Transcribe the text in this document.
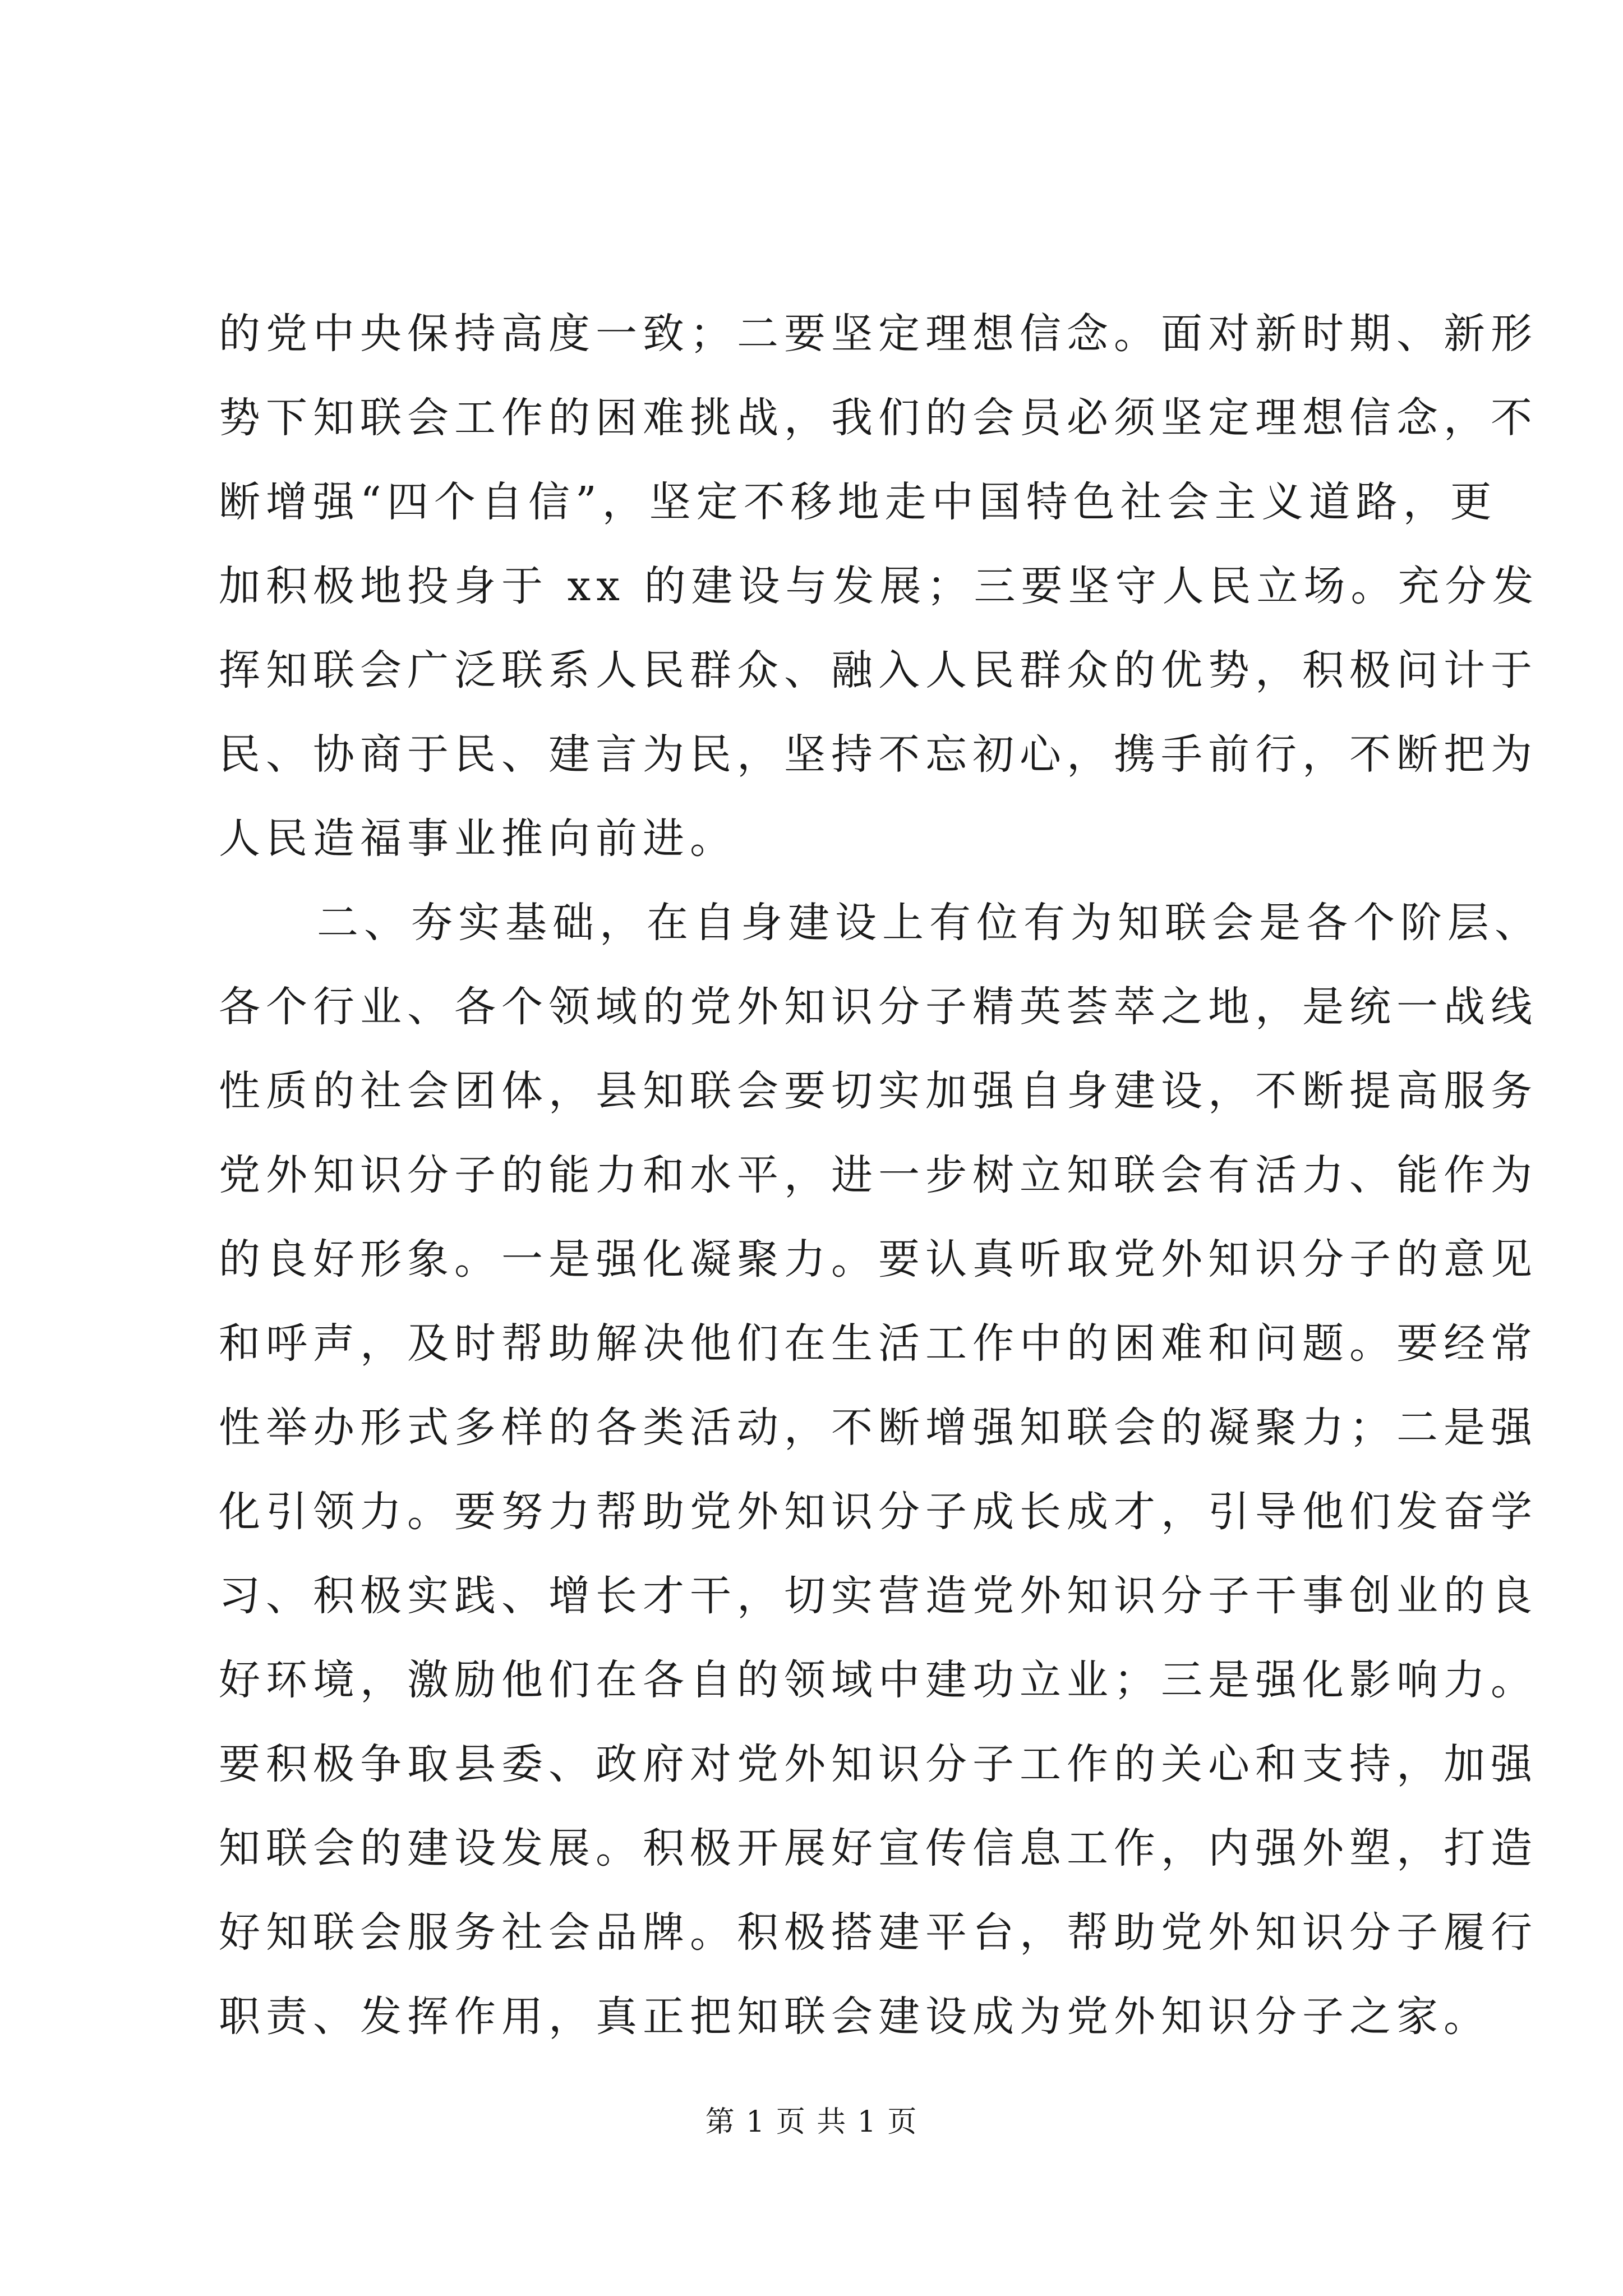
的党中央保持高度一致；二要坚定理想信念。面对新时期、新形
势下知联会工作的困难挑战，我们的会员必须坚定理想信念，不
断增强“四个自信”，坚定不移地走中国特色社会主义道路，更
加积极地投身于 xx 的建设与发展；三要坚守人民立场。充分发
挥知联会广泛联系人民群众、融入人民群众的优势，积极问计于
民、协商于民、建言为民，坚持不忘初心，携手前行，不断把为
人民造福事业推向前进。
二、夯实基础，在自身建设上有位有为知联会是各个阶层、
各个行业、各个领域的党外知识分子精英荟萃之地，是统一战线
性质的社会团体，县知联会要切实加强自身建设，不断提高服务
党外知识分子的能力和水平，进一步树立知联会有活力、能作为
的良好形象。一是强化凝聚力。要认真听取党外知识分子的意见
和呼声，及时帮助解决他们在生活工作中的困难和问题。要经常
性举办形式多样的各类活动，不断增强知联会的凝聚力；二是强
化引领力。要努力帮助党外知识分子成长成才，引导他们发奋学
习、积极实践、增长才干，切实营造党外知识分子干事创业的良
好环境，激励他们在各自的领域中建功立业；三是强化影响力。
要积极争取县委、政府对党外知识分子工作的关心和支持，加强
知联会的建设发展。积极开展好宣传信息工作，内强外塑，打造
好知联会服务社会品牌。积极搭建平台，帮助党外知识分子履行
职责、发挥作用，真正把知联会建设成为党外知识分子之家。
第 1 页 共 1 页
